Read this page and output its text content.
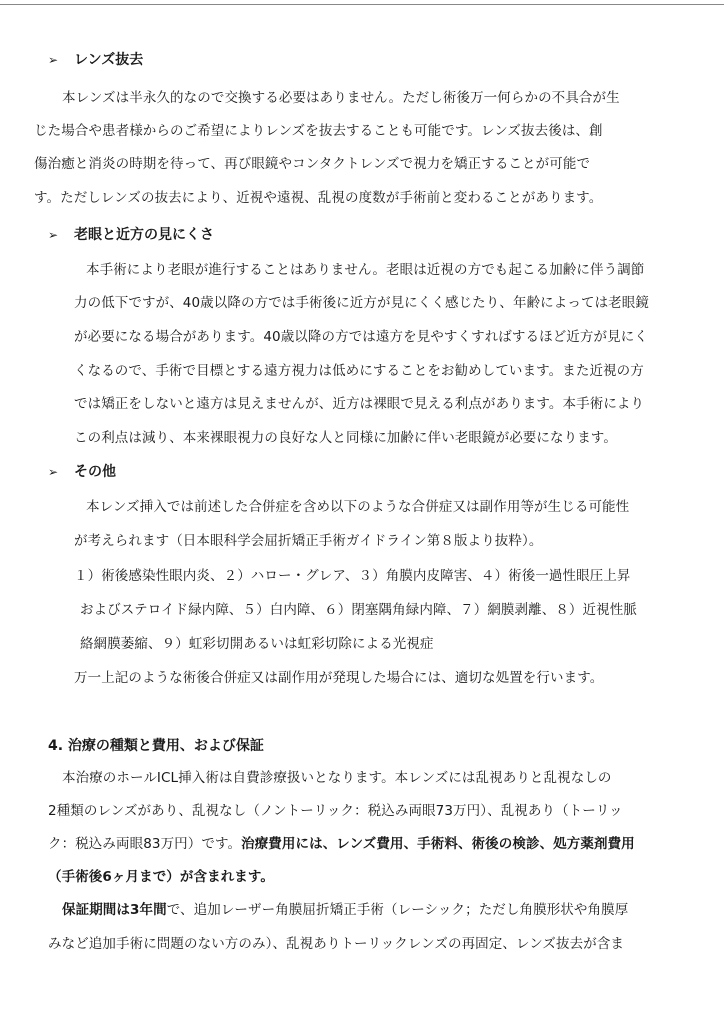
➢ レンズ抜去
本レンズは半永久的なので交換する必要はありません。ただし術後万一何らかの不具合が生
じた場合や患者様からのご希望によりレンズを抜去することも可能です。レンズ抜去後は、創
傷治癒と消炎の時期を待って、再び眼鏡やコンタクトレンズで視力を矯正することが可能で
す。ただしレンズの抜去により、近視や遠視、乱視の度数が手術前と変わることがあります。
➢ 老眼と近方の見にくさ
本手術により老眼が進行することはありません。老眼は近視の方でも起こる加齢に伴う調節
力の低下ですが、40歳以降の方では手術後に近方が見にくく感じたり、年齢によっては老眼鏡
が必要になる場合があります。40歳以降の方では遠方を見やすくすればするほど近方が見にく
くなるので、手術で目標とする遠方視力は低めにすることをお勧めしています。また近視の方
では矯正をしないと遠方は見えませんが、近方は裸眼で見える利点があります。本手術により
この利点は減り、本来裸眼視力の良好な人と同様に加齢に伴い老眼鏡が必要になります。
➢ その他
本レンズ挿入では前述した合併症を含め以下のような合併症又は副作用等が生じる可能性
が考えられます（日本眼科学会屈折矯正手術ガイドライン第８版より抜粋）。
１）術後感染性眼内炎、２）ハロー・グレア、３）角膜内皮障害、４）術後一過性眼圧上昇
およびステロイド緑内障、５）白内障、６）閉塞隅角緑内障、７）網膜剥離、８）近視性脈
絡網膜萎縮、９）虹彩切開あるいは虹彩切除による光視症
万一上記のような術後合併症又は副作用が発現した場合には、適切な処置を行います。
4. 治療の種類と費用、および保証
本治療のホールICL挿入術は自費診療扱いとなります。本レンズには乱視ありと乱視なしの
2種類のレンズがあり、乱視なし（ノントーリック：税込み両眼73万円）、乱視あり（トーリッ
ク：税込み両眼83万円）です。治療費用には、レンズ費用、手術料、術後の検診、処方薬剤費用
（手術後6ヶ月まで）が含まれます。
保証期間は3年間で、追加レーザー角膜屈折矯正手術（レーシック；ただし角膜形状や角膜厚
みなど追加手術に問題のない方のみ）、乱視ありトーリックレンズの再固定、レンズ抜去が含ま
